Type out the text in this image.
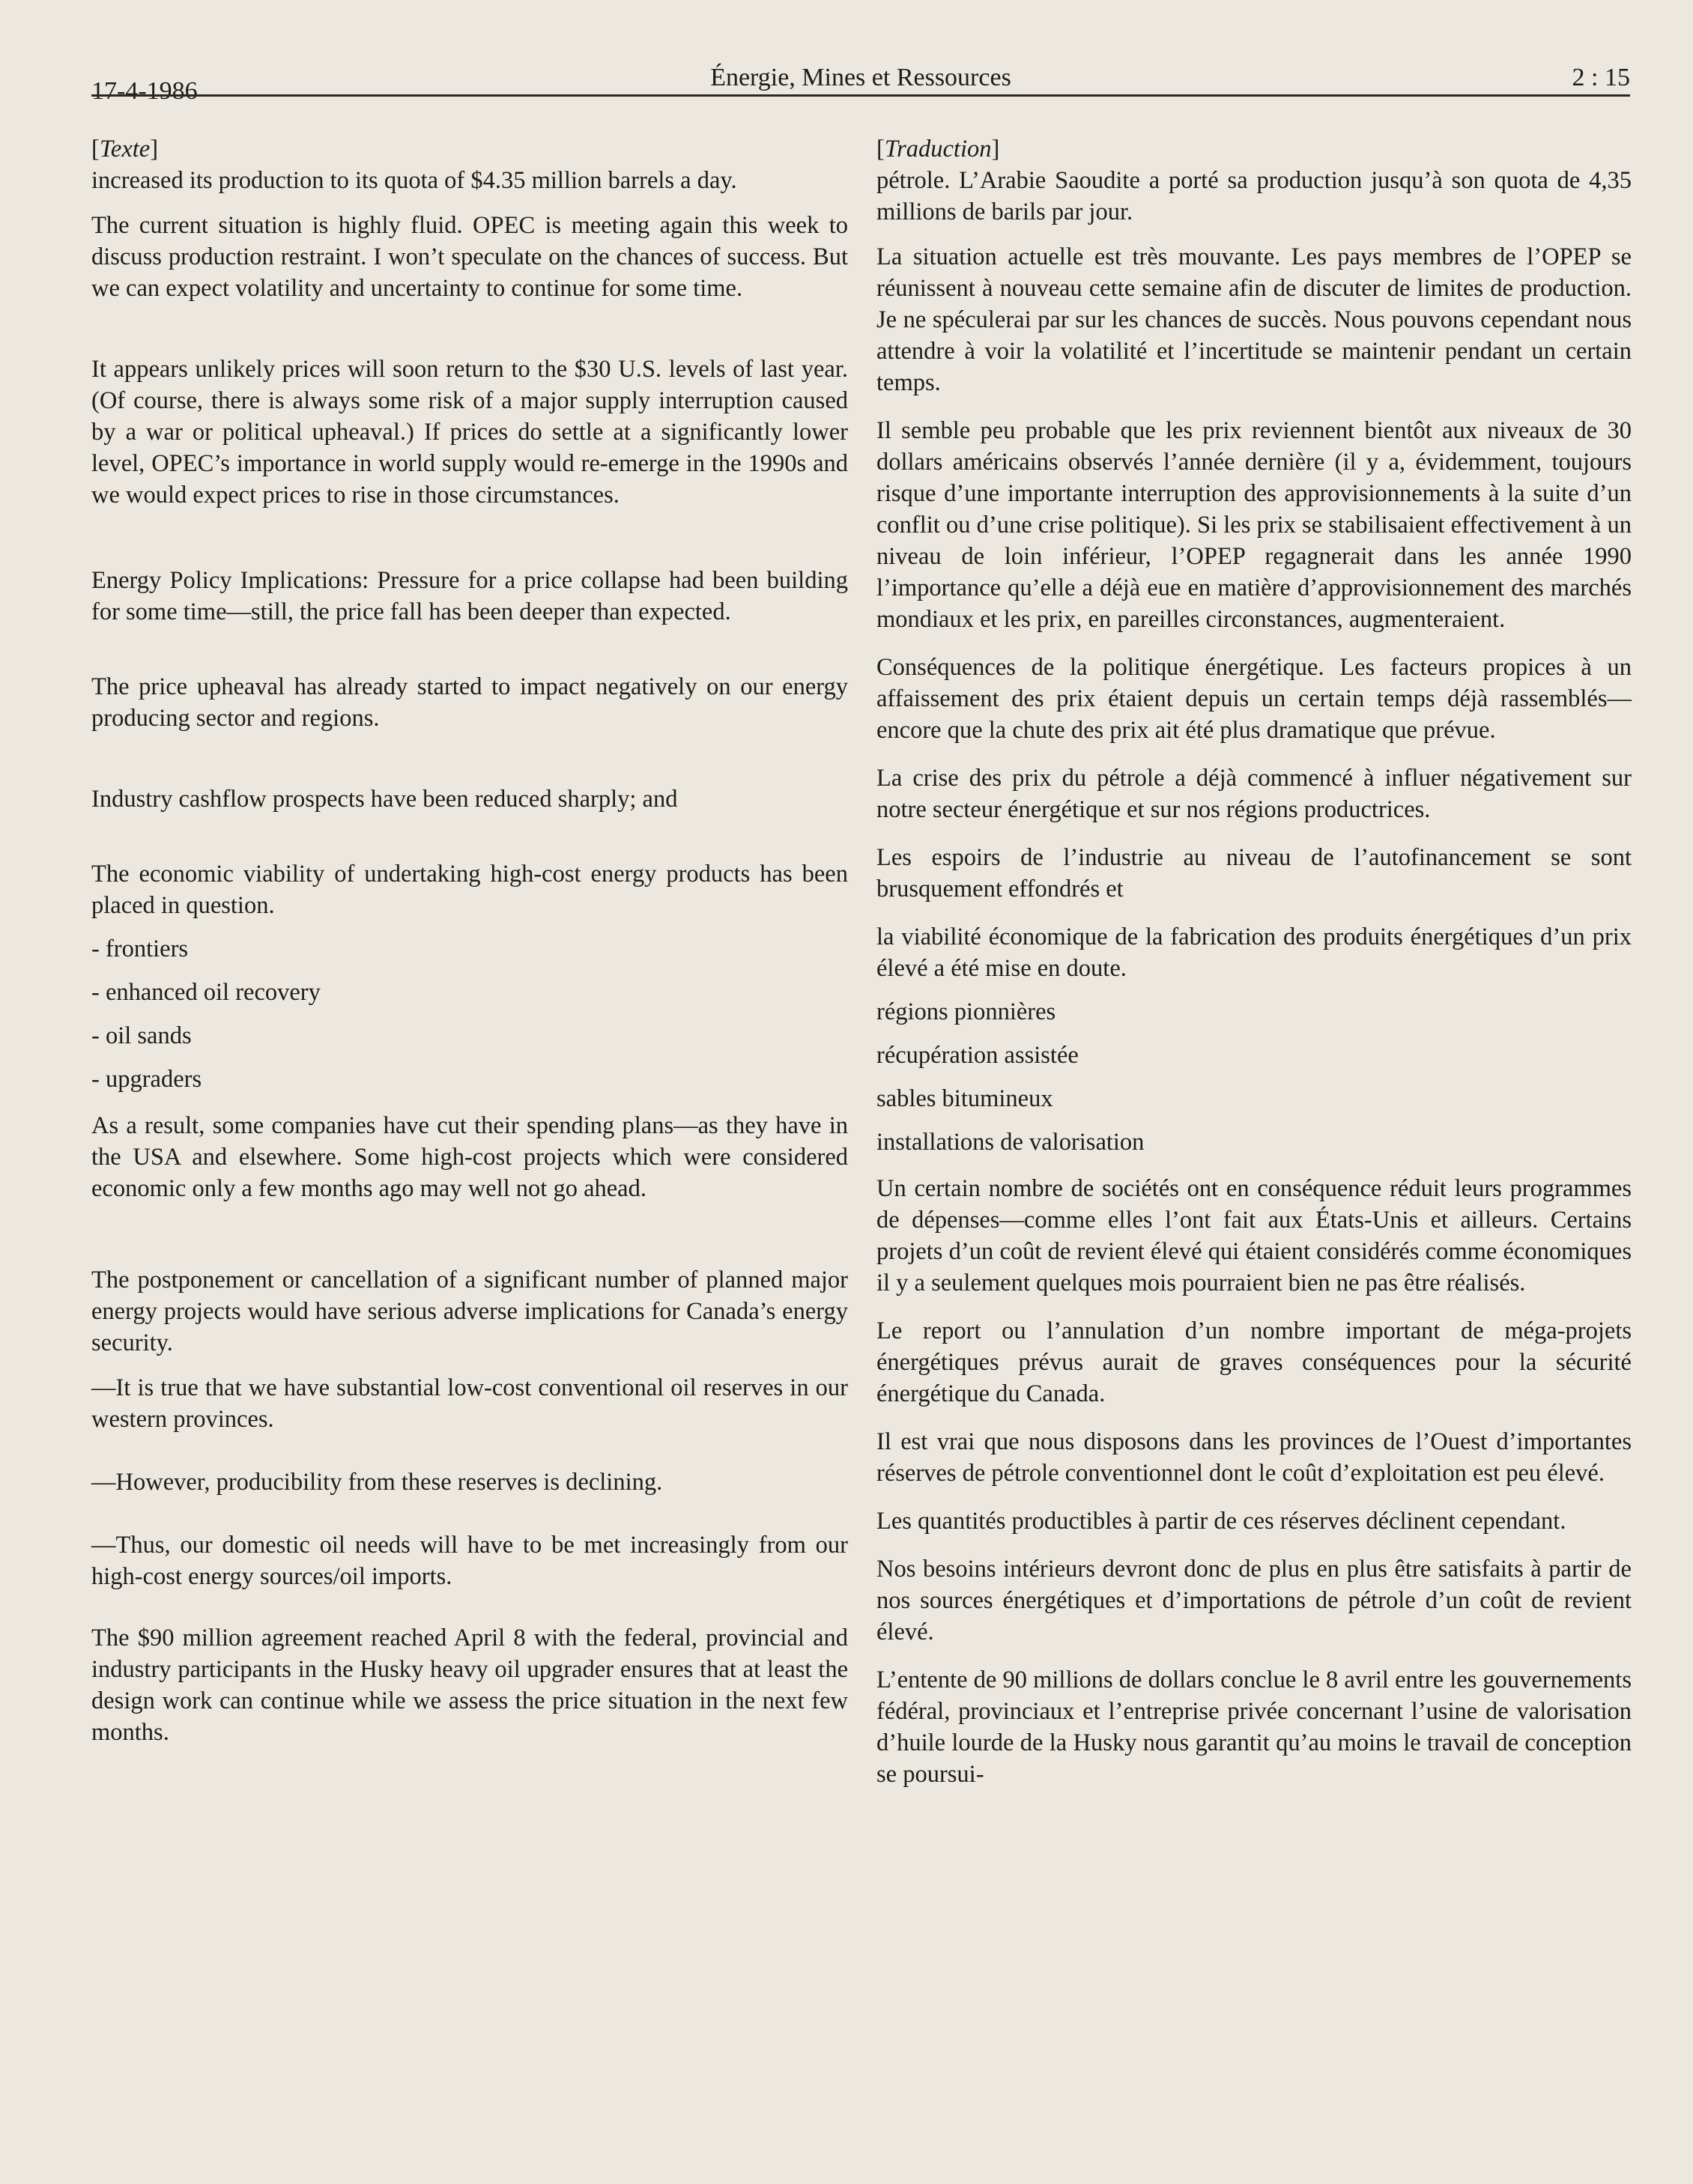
17-4-1986	Énergie, Mines et Ressources	2 : 15

[Texte]

increased its production to its quota of $4.35 million barrels a day.

The current situation is highly fluid. OPEC is meeting again this week to discuss production restraint. I won’t speculate on the chances of success. But we can expect volatility and uncertainty to continue for some time.

It appears unlikely prices will soon return to the $30 U.S. levels of last year. (Of course, there is always some risk of a major supply interruption caused by a war or political upheaval.) If prices do settle at a significantly lower level, OPEC’s importance in world supply would re-emerge in the 1990s and we would expect prices to rise in those circumstances.

Energy Policy Implications: Pressure for a price collapse had been building for some time—still, the price fall has been deeper than expected.

The price upheaval has already started to impact negatively on our energy producing sector and regions.

Industry cashflow prospects have been reduced sharply; and

The economic viability of undertaking high-cost energy products has been placed in question.

- frontiers

- enhanced oil recovery

- oil sands

- upgraders

As a result, some companies have cut their spending plans—as they have in the USA and elsewhere. Some high-cost projects which were considered economic only a few months ago may well not go ahead.

The postponement or cancellation of a significant number of planned major energy projects would have serious adverse implications for Canada’s energy security.

—It is true that we have substantial low-cost conventional oil reserves in our western provinces.

—However, producibility from these reserves is declining.

—Thus, our domestic oil needs will have to be met increasingly from our high-cost energy sources/oil imports.

The $90 million agreement reached April 8 with the federal, provincial and industry participants in the Husky heavy oil upgrader ensures that at least the design work can continue while we assess the price situation in the next few months.

[Traduction]

pétrole. L’Arabie Saoudite a porté sa production jusqu’à son quota de 4,35 millions de barils par jour.

La situation actuelle est très mouvante. Les pays membres de l’OPEP se réunissent à nouveau cette semaine afin de discuter de limites de production. Je ne spéculerai par sur les chances de succès. Nous pouvons cependant nous attendre à voir la volatilité et l’incertitude se maintenir pendant un certain temps.

Il semble peu probable que les prix reviennent bientôt aux niveaux de 30 dollars américains observés l’année dernière (il y a, évidemment, toujours risque d’une importante interruption des approvisionnements à la suite d’un conflit ou d’une crise politique). Si les prix se stabilisaient effectivement à un niveau de loin inférieur, l’OPEP regagnerait dans les année 1990 l’importance qu’elle a déjà eue en matière d’approvisionnement des marchés mondiaux et les prix, en pareilles circonstances, augmenteraient.

Conséquences de la politique énergétique. Les facteurs propices à un affaissement des prix étaient depuis un certain temps déjà rassemblés—encore que la chute des prix ait été plus dramatique que prévue.

La crise des prix du pétrole a déjà commencé à influer négativement sur notre secteur énergétique et sur nos régions productrices.

Les espoirs de l’industrie au niveau de l’autofinancement se sont brusquement effondrés et

la viabilité économique de la fabrication des produits énergétiques d’un prix élevé a été mise en doute.

régions pionnières

récupération assistée

sables bitumineux

installations de valorisation

Un certain nombre de sociétés ont en conséquence réduit leurs programmes de dépenses—comme elles l’ont fait aux États-Unis et ailleurs. Certains projets d’un coût de revient élevé qui étaient considérés comme économiques il y a seulement quelques mois pourraient bien ne pas être réalisés.

Le report ou l’annulation d’un nombre important de méga-projets énergétiques prévus aurait de graves conséquences pour la sécurité énergétique du Canada.

Il est vrai que nous disposons dans les provinces de l’Ouest d’importantes réserves de pétrole conventionnel dont le coût d’exploitation est peu élevé.

Les quantités productibles à partir de ces réserves déclinent cependant.

Nos besoins intérieurs devront donc de plus en plus être satisfaits à partir de nos sources énergétiques et d’importations de pétrole d’un coût de revient élevé.

L’entente de 90 millions de dollars conclue le 8 avril entre les gouvernements fédéral, provinciaux et l’entreprise privée concernant l’usine de valorisation d’huile lourde de la Husky nous garantit qu’au moins le travail de conception se poursui-
